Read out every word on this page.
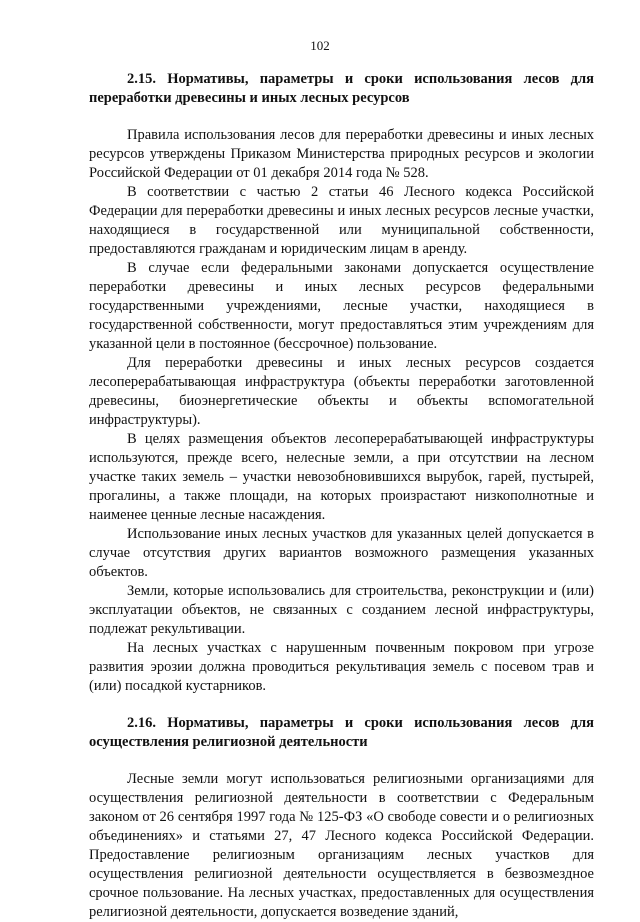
102
2.15. Нормативы, параметры и сроки использования лесов для переработки древесины и иных лесных ресурсов

Правила использования лесов для переработки древесины и иных лесных ресурсов утверждены Приказом Министерства природных ресурсов и экологии Российской Федерации от 01 декабря 2014 года № 528.

В соответствии с частью 2 статьи 46 Лесного кодекса Российской Федерации для переработки древесины и иных лесных ресурсов лесные участки, находящиеся в государственной или муниципальной собственности, предоставляются гражданам и юридическим лицам в аренду.

В случае если федеральными законами допускается осуществление переработки древесины и иных лесных ресурсов федеральными государственными учреждениями, лесные участки, находящиеся в государственной собственности, могут предоставляться этим учреждениям для указанной цели в постоянное (бессрочное) пользование.

Для переработки древесины и иных лесных ресурсов создается лесоперерабатывающая инфраструктура (объекты переработки заготовленной древесины, биоэнергетические объекты и объекты вспомогательной инфраструктуры).

В целях размещения объектов лесоперерабатывающей инфраструктуры используются, прежде всего, нелесные земли, а при отсутствии на лесном участке таких земель – участки невозобновившихся вырубок, гарей, пустырей, прогалины, а также площади, на которых произрастают низкополнотные и наименее ценные лесные насаждения.

Использование иных лесных участков для указанных целей допускается в случае отсутствия других вариантов возможного размещения указанных объектов.

Земли, которые использовались для строительства, реконструкции и (или) эксплуатации объектов, не связанных с созданием лесной инфраструктуры, подлежат рекультивации.

На лесных участках с нарушенным почвенным покровом при угрозе развития эрозии должна проводиться рекультивация земель с посевом трав и (или) посадкой кустарников.

2.16. Нормативы, параметры и сроки использования лесов для осуществления религиозной деятельности

Лесные земли могут использоваться религиозными организациями для осуществления религиозной деятельности в соответствии с Федеральным законом от 26 сентября 1997 года № 125-ФЗ «О свободе совести и о религиозных объединениях» и статьями 27, 47 Лесного кодекса Российской Федерации. Предоставление религиозным организациям лесных участков для осуществления религиозной деятельности осуществляется в безвозмездное срочное пользование. На лесных участках, предоставленных для осуществления религиозной деятельности, допускается возведение зданий,
